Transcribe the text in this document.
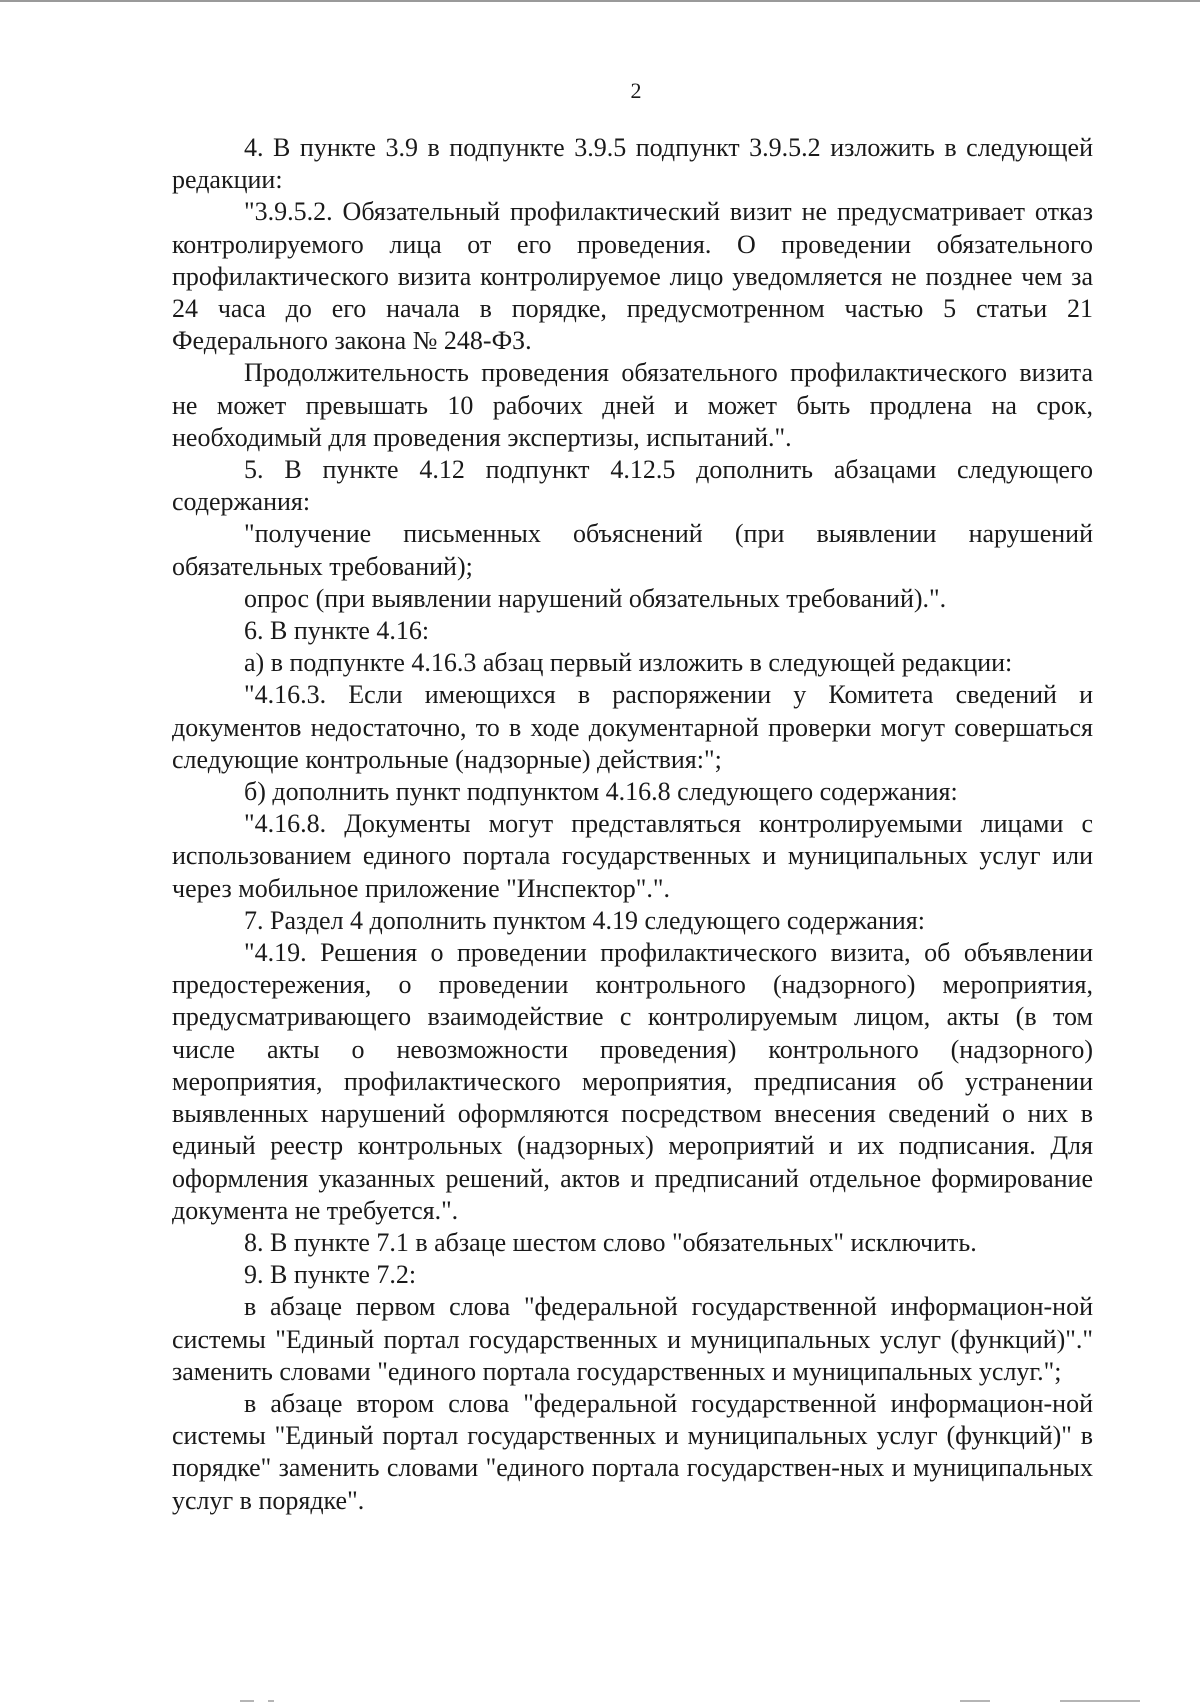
2

4. В пункте 3.9 в подпункте 3.9.5 подпункт 3.9.5.2 изложить в следующей редакции:

"3.9.5.2. Обязательный профилактический визит не предусматривает отказ контролируемого лица от его проведения. О проведении обязательного профилактического визита контролируемое лицо уведомляется не позднее чем за 24 часа до его начала в порядке, предусмотренном частью 5 статьи 21 Федерального закона № 248-ФЗ.

Продолжительность проведения обязательного профилактического визита не может превышать 10 рабочих дней и может быть продлена на срок, необходимый для проведения экспертизы, испытаний.".

5. В пункте 4.12 подпункт 4.12.5 дополнить абзацами следующего содержания:

"получение письменных объяснений (при выявлении нарушений обязательных требований);

опрос (при выявлении нарушений обязательных требований).".

6. В пункте 4.16:

а) в подпункте 4.16.3 абзац первый изложить в следующей редакции:

"4.16.3. Если имеющихся в распоряжении у Комитета сведений и документов недостаточно, то в ходе документарной проверки могут совершаться следующие контрольные (надзорные) действия:";

б) дополнить пункт подпунктом 4.16.8 следующего содержания:

"4.16.8. Документы могут представляться контролируемыми лицами с использованием единого портала государственных и муниципальных услуг или через мобильное приложение "Инспектор".".

7. Раздел 4 дополнить пунктом 4.19 следующего содержания:

"4.19. Решения о проведении профилактического визита, об объявлении предостережения, о проведении контрольного (надзорного) мероприятия, предусматривающего взаимодействие с контролируемым лицом, акты (в том числе акты о невозможности проведения) контрольного (надзорного) мероприятия, профилактического мероприятия, предписания об устранении выявленных нарушений оформляются посредством внесения сведений о них в единый реестр контрольных (надзорных) мероприятий и их подписания. Для оформления указанных решений, актов и предписаний отдельное формирование документа не требуется.".

8. В пункте 7.1 в абзаце шестом слово "обязательных" исключить.

9. В пункте 7.2:

в абзаце первом слова "федеральной государственной информацион-ной системы "Единый портал государственных и муниципальных услуг (функций)"." заменить словами "единого портала государственных и муниципальных услуг.";

в абзаце втором слова "федеральной государственной информацион-ной системы "Единый портал государственных и муниципальных услуг (функций)" в порядке" заменить словами "единого портала государствен-ных и муниципальных услуг в порядке".
